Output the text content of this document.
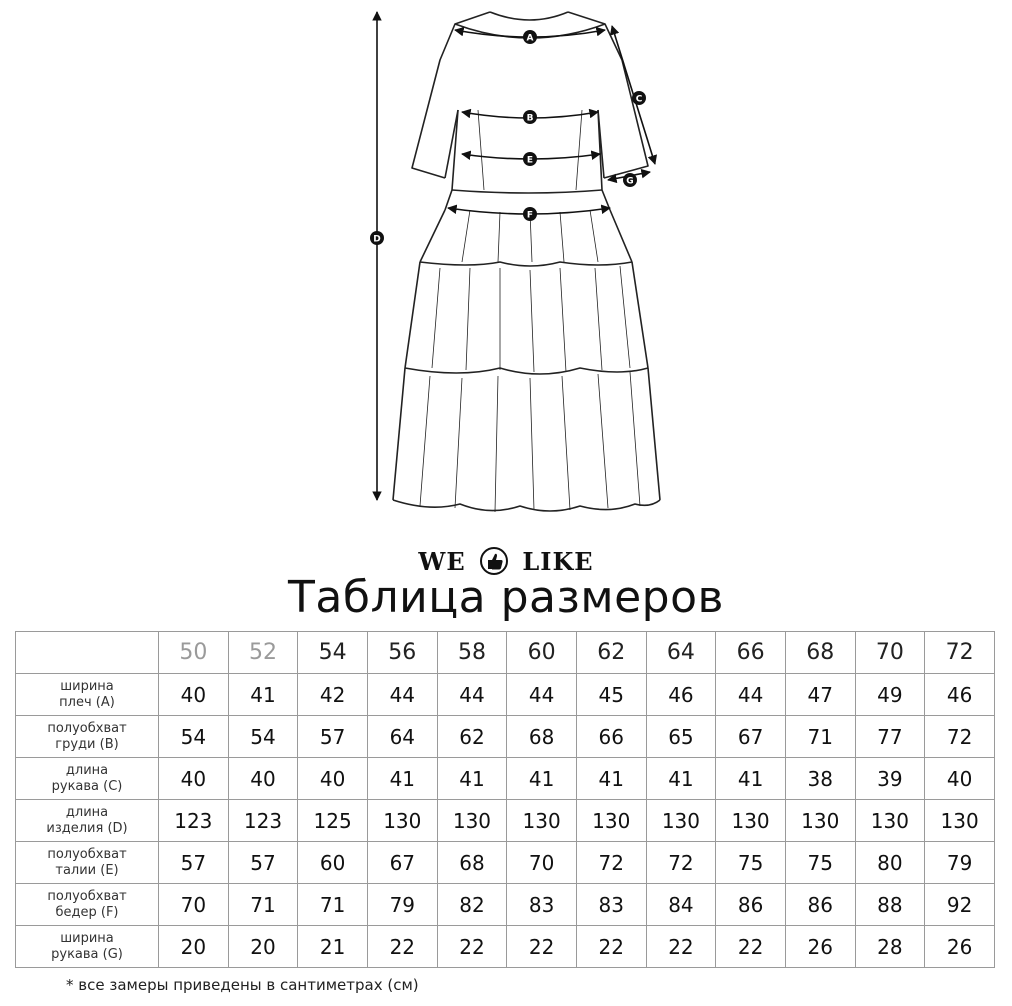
A
B
C
D
E
F
G
WE LIKE
Таблица размеров
	50	52	54	56	58	60	62	64	66	68	70	72

ширина
плеч (A)	40	41	42	44	44	44	45	46	44	47	49	46

полуобхват
груди (B)	54	54	57	64	62	68	66	65	67	71	77	72

длина
рукава (C)	40	40	40	41	41	41	41	41	41	38	39	40

длина
изделия (D)	123	123	125	130	130	130	130	130	130	130	130	130

полуобхват
талии (E)	57	57	60	67	68	70	72	72	75	75	80	79

полуобхват
бедер (F)	70	71	71	79	82	83	83	84	86	86	88	92

ширина
рукава (G)	20	20	21	22	22	22	22	22	22	26	28	26
* все замеры приведены в сантиметрах (см)
